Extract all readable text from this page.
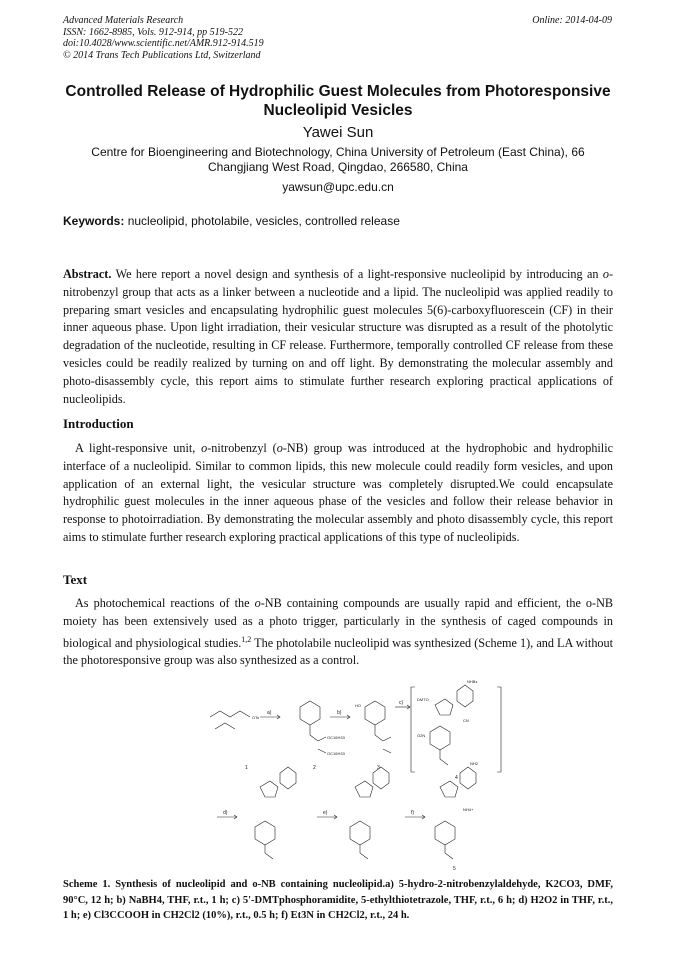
Advanced Materials Research
ISSN: 1662-8985, Vols. 912-914, pp 519-522
doi:10.4028/www.scientific.net/AMR.912-914.519
© 2014 Trans Tech Publications Ltd, Switzerland
Online: 2014-04-09
Controlled Release of Hydrophilic Guest Molecules from Photoresponsive Nucleolipid Vesicles
Yawei Sun
Centre for Bioengineering and Biotechnology, China University of Petroleum (East China), 66 Changjiang West Road, Qingdao, 266580, China
yawsun@upc.edu.cn
Keywords: nucleolipid, photolabile, vesicles, controlled release
Abstract. We here report a novel design and synthesis of a light-responsive nucleolipid by introducing an o-nitrobenzyl group that acts as a linker between a nucleotide and a lipid. The nucleolipid was applied readily to preparing smart vesicles and encapsulating hydrophilic guest molecules 5(6)-carboxyfluorescein (CF) in their inner aqueous phase. Upon light irradiation, their vesicular structure was disrupted as a result of the photolytic degradation of the nucleotide, resulting in CF release. Furthermore, temporally controlled CF release from these vesicles could be readily realized by turning on and off light. By demonstrating the molecular assembly and photo-disassembly cycle, this report aims to stimulate further research exploring practical applications of nucleolipids.
Introduction
A light-responsive unit, o-nitrobenzyl (o-NB) group was introduced at the hydrophobic and hydrophilic interface of a nucleolipid. Similar to common lipids, this new molecule could readily form vesicles, and upon application of an external light, the vesicular structure was completely disrupted.We could encapsulate hydrophilic guest molecules in the inner aqueous phase of the vesicles and follow their release behavior in response to photoirradiation. By demonstrating the molecular assembly and photo disassembly cycle, this report aims to stimulate further research exploring practical applications of this type of nucleolipids.
Text
As photochemical reactions of the o-NB containing compounds are usually rapid and efficient, the o-NB moiety has been extensively used as a photo trigger, particularly in the synthesis of caged compounds in biological and physiological studies.$^{1,2}$ The photolabile nucleolipid was synthesized (Scheme 1), and LA without the photoresponsive group was also synthesized as a control.
a)	b)
c)
d)	e)	f)
1	2	3
4
5
OTs
HO
DMTO
NHBz
O2N
CN
OC16H33
OC16H33
NH2
NH4+
Scheme 1. Synthesis of nucleolipid and o-NB containing nucleolipid.a) 5-hydro-2-nitrobenzylaldehyde, K2CO3, DMF, 90°C, 12 h; b) NaBH4, THF, r.t., 1 h; c) 5'-DMTphosphoramidite, 5-ethylthiotetrazole, THF, r.t., 6 h; d) H2O2 in THF, r.t., 1 h; e) Cl3CCOOH in CH2Cl2 (10%), r.t., 0.5 h; f) Et3N in CH2Cl2, r.t., 24 h.
